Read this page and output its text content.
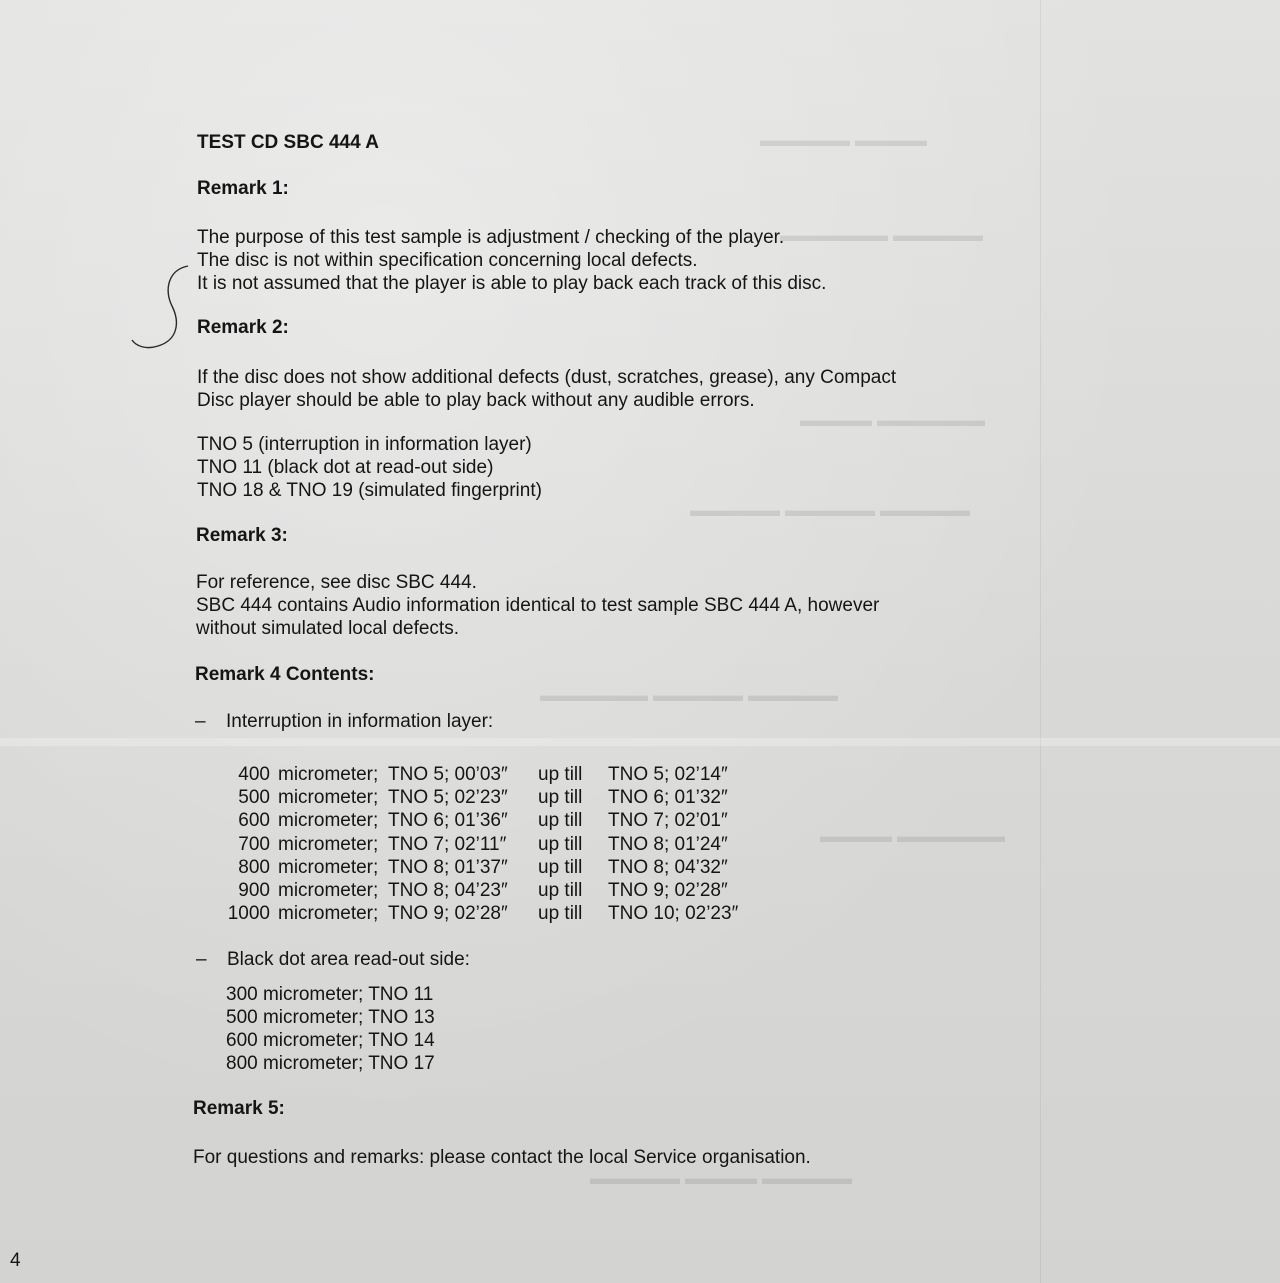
▬▬▬▬ ▬▬▬▬▬
▬▬▬▬▬ ▬▬▬▬▬▬
▬▬▬▬▬▬ ▬▬▬▬
▬▬▬▬▬ ▬▬▬▬▬ ▬▬▬▬▬
▬▬▬▬▬ ▬▬▬▬▬ ▬▬▬▬▬▬
▬▬▬▬▬▬ ▬▬▬▬
▬▬▬▬▬ ▬▬▬▬ ▬▬▬▬▬
TEST CD SBC 444 A
Remark 1:
The purpose of this test sample is adjustment / checking of the player.
The disc is not within specification concerning local defects.
It is not assumed that the player is able to play back each track of this disc.
Remark 2:
If the disc does not show additional defects (dust, scratches, grease), any Compact
Disc player should be able to play back without any audible errors.
TNO 5 (interruption in information layer)
TNO 11 (black dot at read-out side)
TNO 18 & TNO 19 (simulated fingerprint)
Remark 3:
For reference, see disc SBC 444.
SBC 444 contains Audio information identical to test sample SBC 444 A, however
without simulated local defects.
Remark 4 Contents:
– Interruption in information layer:
400 micrometer; TNO 5; 00’03″	up till	TNO 5; 02’14″
500 micrometer; TNO 5; 02’23″	up till	TNO 6; 01’32″
600 micrometer; TNO 6; 01’36″	up till	TNO 7; 02’01″
700 micrometer; TNO 7; 02’11″	up till	TNO 8; 01’24″
800 micrometer; TNO 8; 01’37″	up till	TNO 8; 04’32″
900 micrometer; TNO 8; 04’23″	up till	TNO 9; 02’28″
1000 micrometer; TNO 9; 02’28″	up till	TNO 10; 02’23″
– Black dot area read-out side:
300 micrometer; TNO 11
500 micrometer; TNO 13
600 micrometer; TNO 14
800 micrometer; TNO 17
Remark 5:
For questions and remarks: please contact the local Service organisation.
4
